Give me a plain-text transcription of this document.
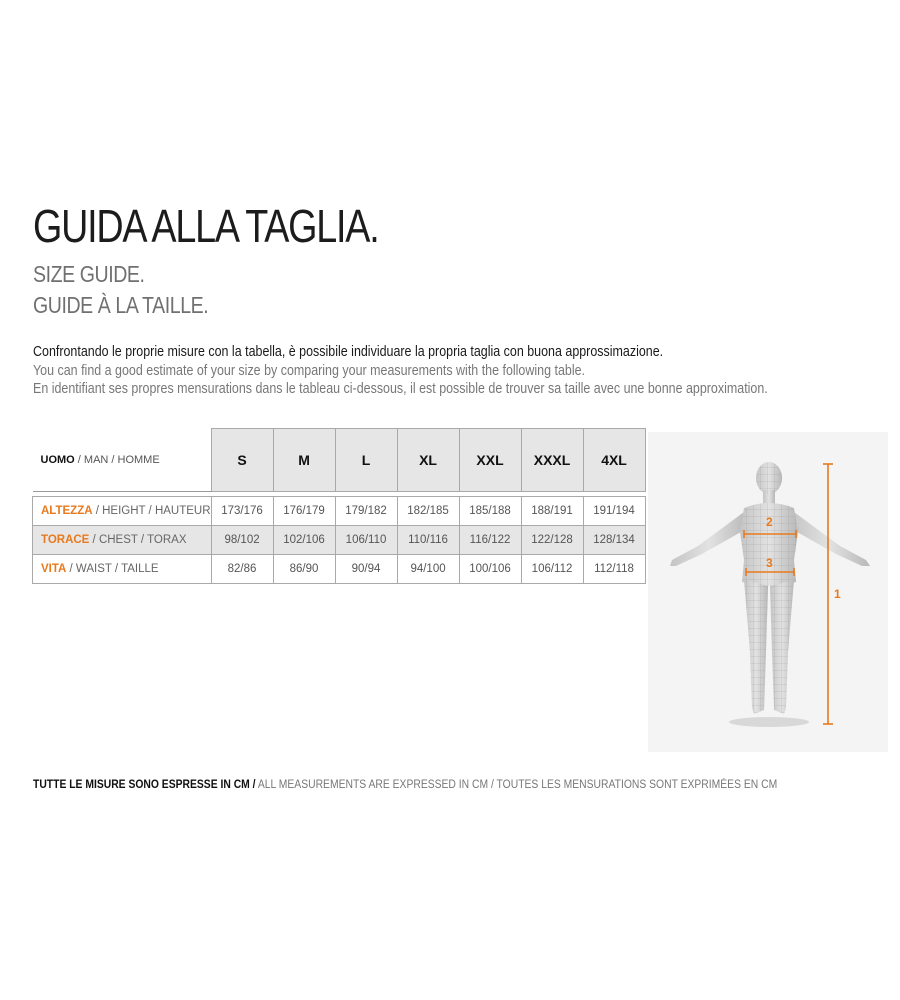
GUIDA ALLA TAGLIA.
SIZE GUIDE.
GUIDE À LA TAILLE.
Confrontando le proprie misure con la tabella, è possibile individuare la propria taglia con buona approssimazione.
You can find a good estimate of your size by comparing your measurements with the following table.
En identifiant ses propres mensurations dans le tableau ci-dessous, il est possible de trouver sa taille avec une bonne approximation.
UOMO / MAN / HOMME	S	M	L	XL	XXL	XXXL	4XL

ALTEZZA / HEIGHT / HAUTEUR	173/176	176/179	179/182	182/185	185/188	188/191	191/194
TORACE / CHEST / TORAX	98/102	102/106	106/110	110/116	116/122	122/128	128/134
VITA / WAIST / TAILLE	82/86	86/90	90/94	94/100	100/106	106/112	112/118
2
3
1
TUTTE LE MISURE SONO ESPRESSE IN CM / ALL MEASUREMENTS ARE EXPRESSED IN CM / TOUTES LES MENSURATIONS SONT EXPRIMÉES EN CM
